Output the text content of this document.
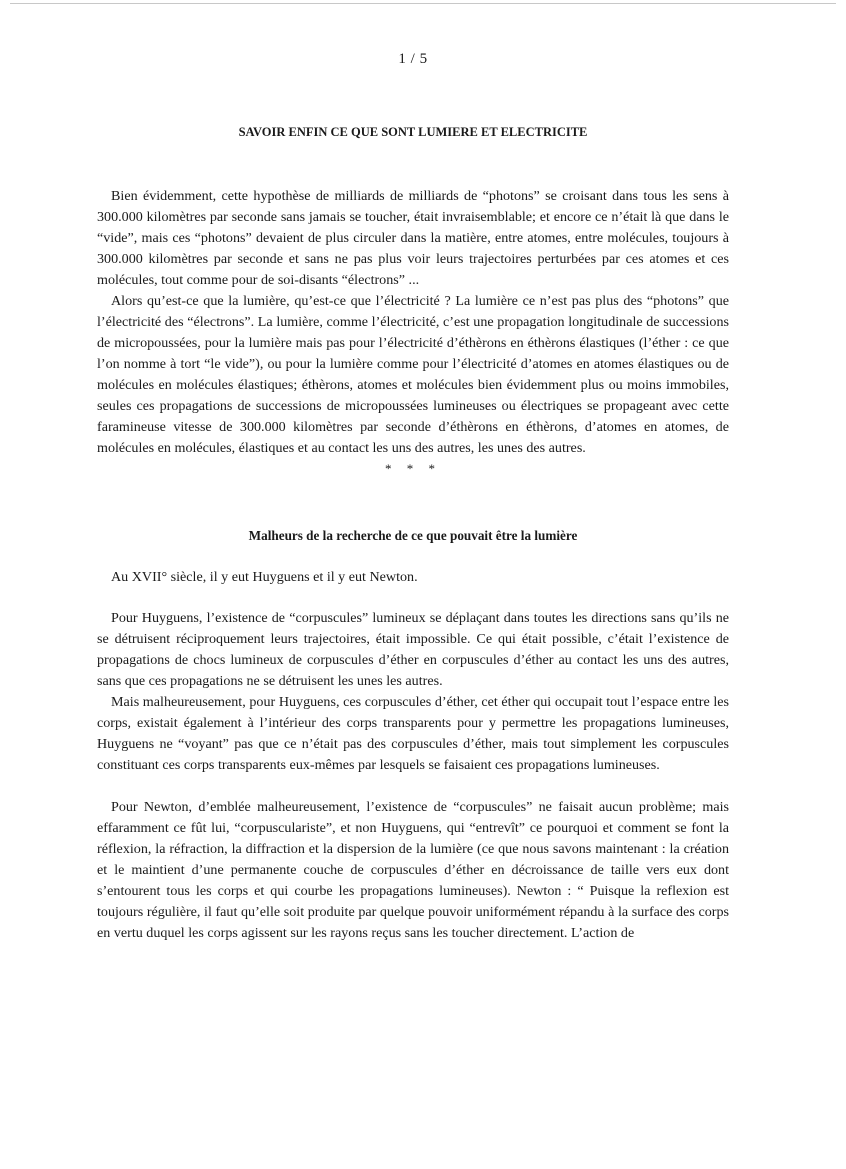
1 / 5

SAVOIR ENFIN CE QUE SONT LUMIERE ET ELECTRICITE

Bien évidemment, cette hypothèse de milliards de milliards de “photons” se croisant dans tous les sens à 300.000 kilomètres par seconde sans jamais se toucher, était invraisemblable; et encore ce n’était là que dans le “vide”, mais ces “photons” devaient de plus circuler dans la matière, entre atomes, entre molécules, toujours à 300.000 kilomètres par seconde et sans ne pas plus voir leurs trajectoires perturbées par ces atomes et ces molécules, tout comme pour de soi-disants “électrons” ...

Alors qu’est-ce que la lumière, qu’est-ce que l’électricité ? La lumière ce n’est pas plus des “photons” que l’électricité des “électrons”. La lumière, comme l’électricité, c’est une propagation longitudinale de successions de micropoussées, pour la lumière mais pas pour l’électricité d’éthèrons en éthèrons élastiques (l’éther : ce que l’on nomme à tort “le vide”), ou pour la lumière comme pour l’électricité d’atomes en atomes élastiques ou de molécules en molécules élastiques; éthèrons, atomes et molécules bien évidemment plus ou moins immobiles, seules ces propagations de successions de micropoussées lumineuses ou électriques se propageant avec cette faramineuse vitesse de 300.000 kilomètres par seconde d’éthèrons en éthèrons, d’atomes en atomes, de molécules en molécules, élastiques et au contact les uns des autres, les unes des autres.

* * *

Malheurs de la recherche de ce que pouvait être la lumière

Au XVII° siècle, il y eut Huyguens et il y eut Newton.

Pour Huyguens, l’existence de “corpuscules” lumineux se déplaçant dans toutes les directions sans qu’ils ne se détruisent réciproquement leurs trajectoires, était impossible. Ce qui était possible, c’était l’existence de propagations de chocs lumineux de corpuscules d’éther en corpuscules d’éther au contact les uns des autres, sans que ces propagations ne se détruisent les unes les autres.

Mais malheureusement, pour Huyguens, ces corpuscules d’éther, cet éther qui occupait tout l’espace entre les corps, existait également à l’intérieur des corps transparents pour y permettre les propagations lumineuses, Huyguens ne “voyant” pas que ce n’était pas des corpuscules d’éther, mais tout simplement les corpuscules constituant ces corps transparents eux-mêmes par lesquels se faisaient ces propagations lumineuses.

Pour Newton, d’emblée malheureusement, l’existence de “corpuscules” ne faisait aucun problème; mais effaramment ce fût lui, “corpuscularistе”, et non Huyguens, qui “entrevît” ce pourquoi et comment se font la réflexion, la réfraction, la diffraction et la dispersion de la lumière (ce que nous savons maintenant : la création et le maintient d’une permanente couche de corpuscules d’éther en décroissance de taille vers eux dont s’entourent tous les corps et qui courbe les propagations lumineuses). Newton : “ Puisque la reflexion est toujours régulière, il faut qu’elle soit produite par quelque pouvoir uniformément répandu à la surface des corps en vertu duquel les corps agissent sur les rayons reçus sans les toucher directement. L’action de
